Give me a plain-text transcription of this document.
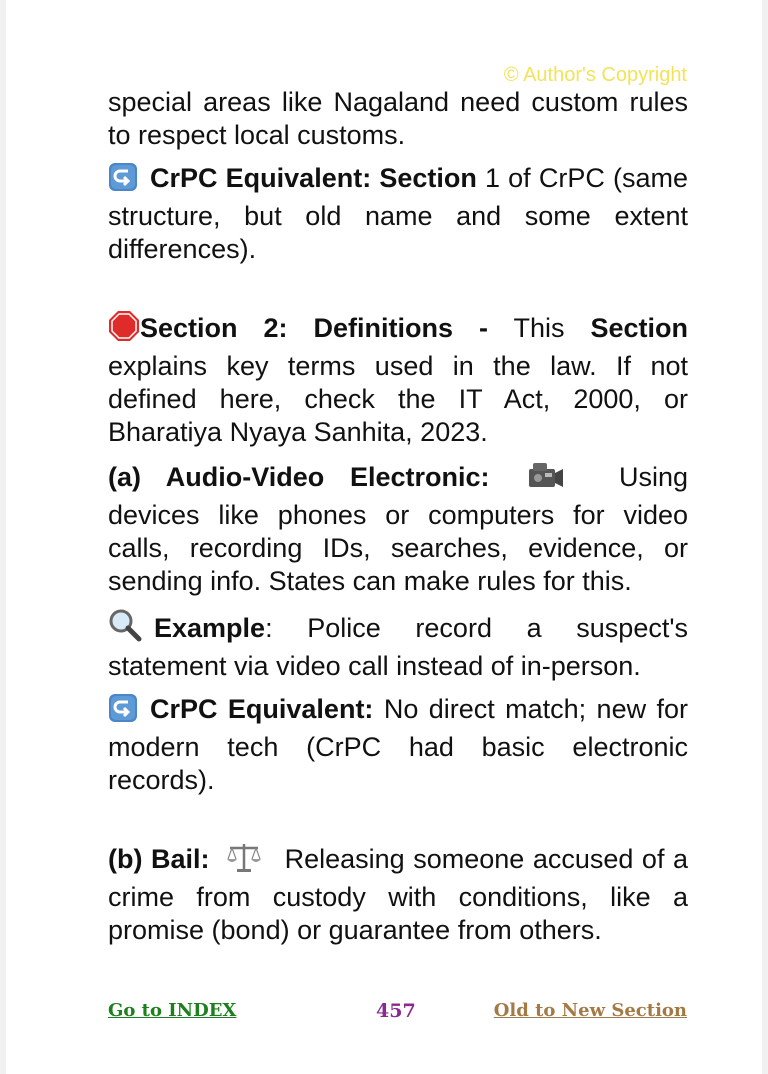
© Author's Copyright

special areas like Nagaland need custom rules to respect local customs.

CrPC Equivalent: Section 1 of CrPC (same structure, but old name and some extent differences).

Section 2: Definitions - This Section explains key terms used in the law. If not defined here, check the IT Act, 2000, or Bharatiya Nyaya Sanhita, 2023.

(a) Audio-Video Electronic:	Using devices like phones or computers for video calls, recording IDs, searches, evidence, or sending info. States can make rules for this.

Example: Police record a suspect's statement via video call instead of in-person.

CrPC Equivalent: No direct match; new for modern tech (CrPC had basic electronic records).

(b) Bail:  Releasing someone accused of a crime from custody with conditions, like a promise (bond) or guarantee from others.

Go to INDEX	457	Old to New Section
